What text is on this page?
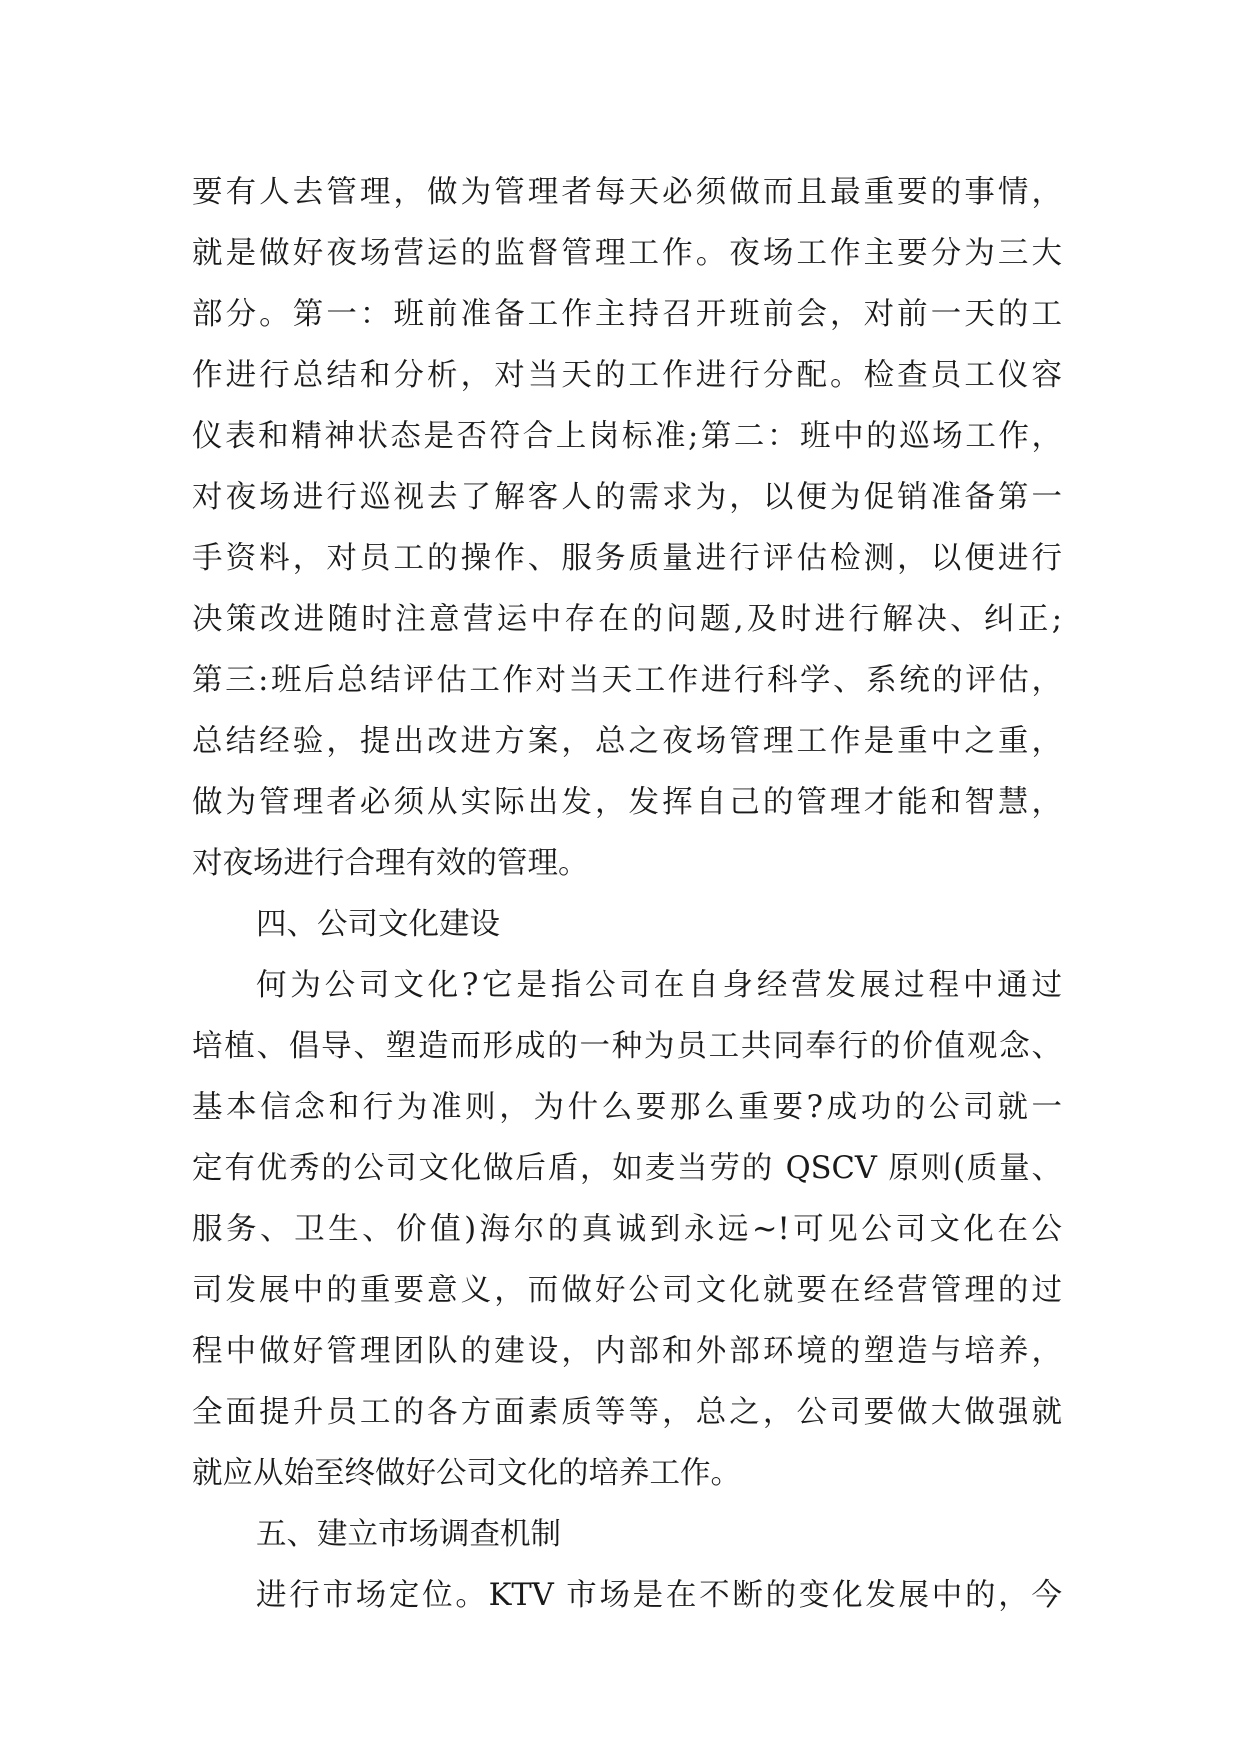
要有人去管理，做为管理者每天必须做而且最重要的事情，
就是做好夜场营运的监督管理工作。夜场工作主要分为三大
部分。第一：班前准备工作主持召开班前会，对前一天的工
作进行总结和分析，对当天的工作进行分配。检查员工仪容
仪表和精神状态是否符合上岗标准;第二：班中的巡场工作，
对夜场进行巡视去了解客人的需求为，以便为促销准备第一
手资料，对员工的操作、服务质量进行评估检测，以便进行
决策改进随时注意营运中存在的问题,及时进行解决、纠正;
第三:班后总结评估工作对当天工作进行科学、系统的评估，
总结经验，提出改进方案，总之夜场管理工作是重中之重，
做为管理者必须从实际出发，发挥自己的管理才能和智慧，
对夜场进行合理有效的管理。
四、公司文化建设
何为公司文化?它是指公司在自身经营发展过程中通过
培植、倡导、塑造而形成的一种为员工共同奉行的价值观念、
基本信念和行为准则，为什么要那么重要?成功的公司就一
定有优秀的公司文化做后盾，如麦当劳的 QSCV 原则(质量、
服务、卫生、价值)海尔的真诚到永远~!可见公司文化在公
司发展中的重要意义，而做好公司文化就要在经营管理的过
程中做好管理团队的建设，内部和外部环境的塑造与培养，
全面提升员工的各方面素质等等，总之，公司要做大做强就
就应从始至终做好公司文化的培养工作。
五、建立市场调查机制
进行市场定位。KTV 市场是在不断的变化发展中的，今
